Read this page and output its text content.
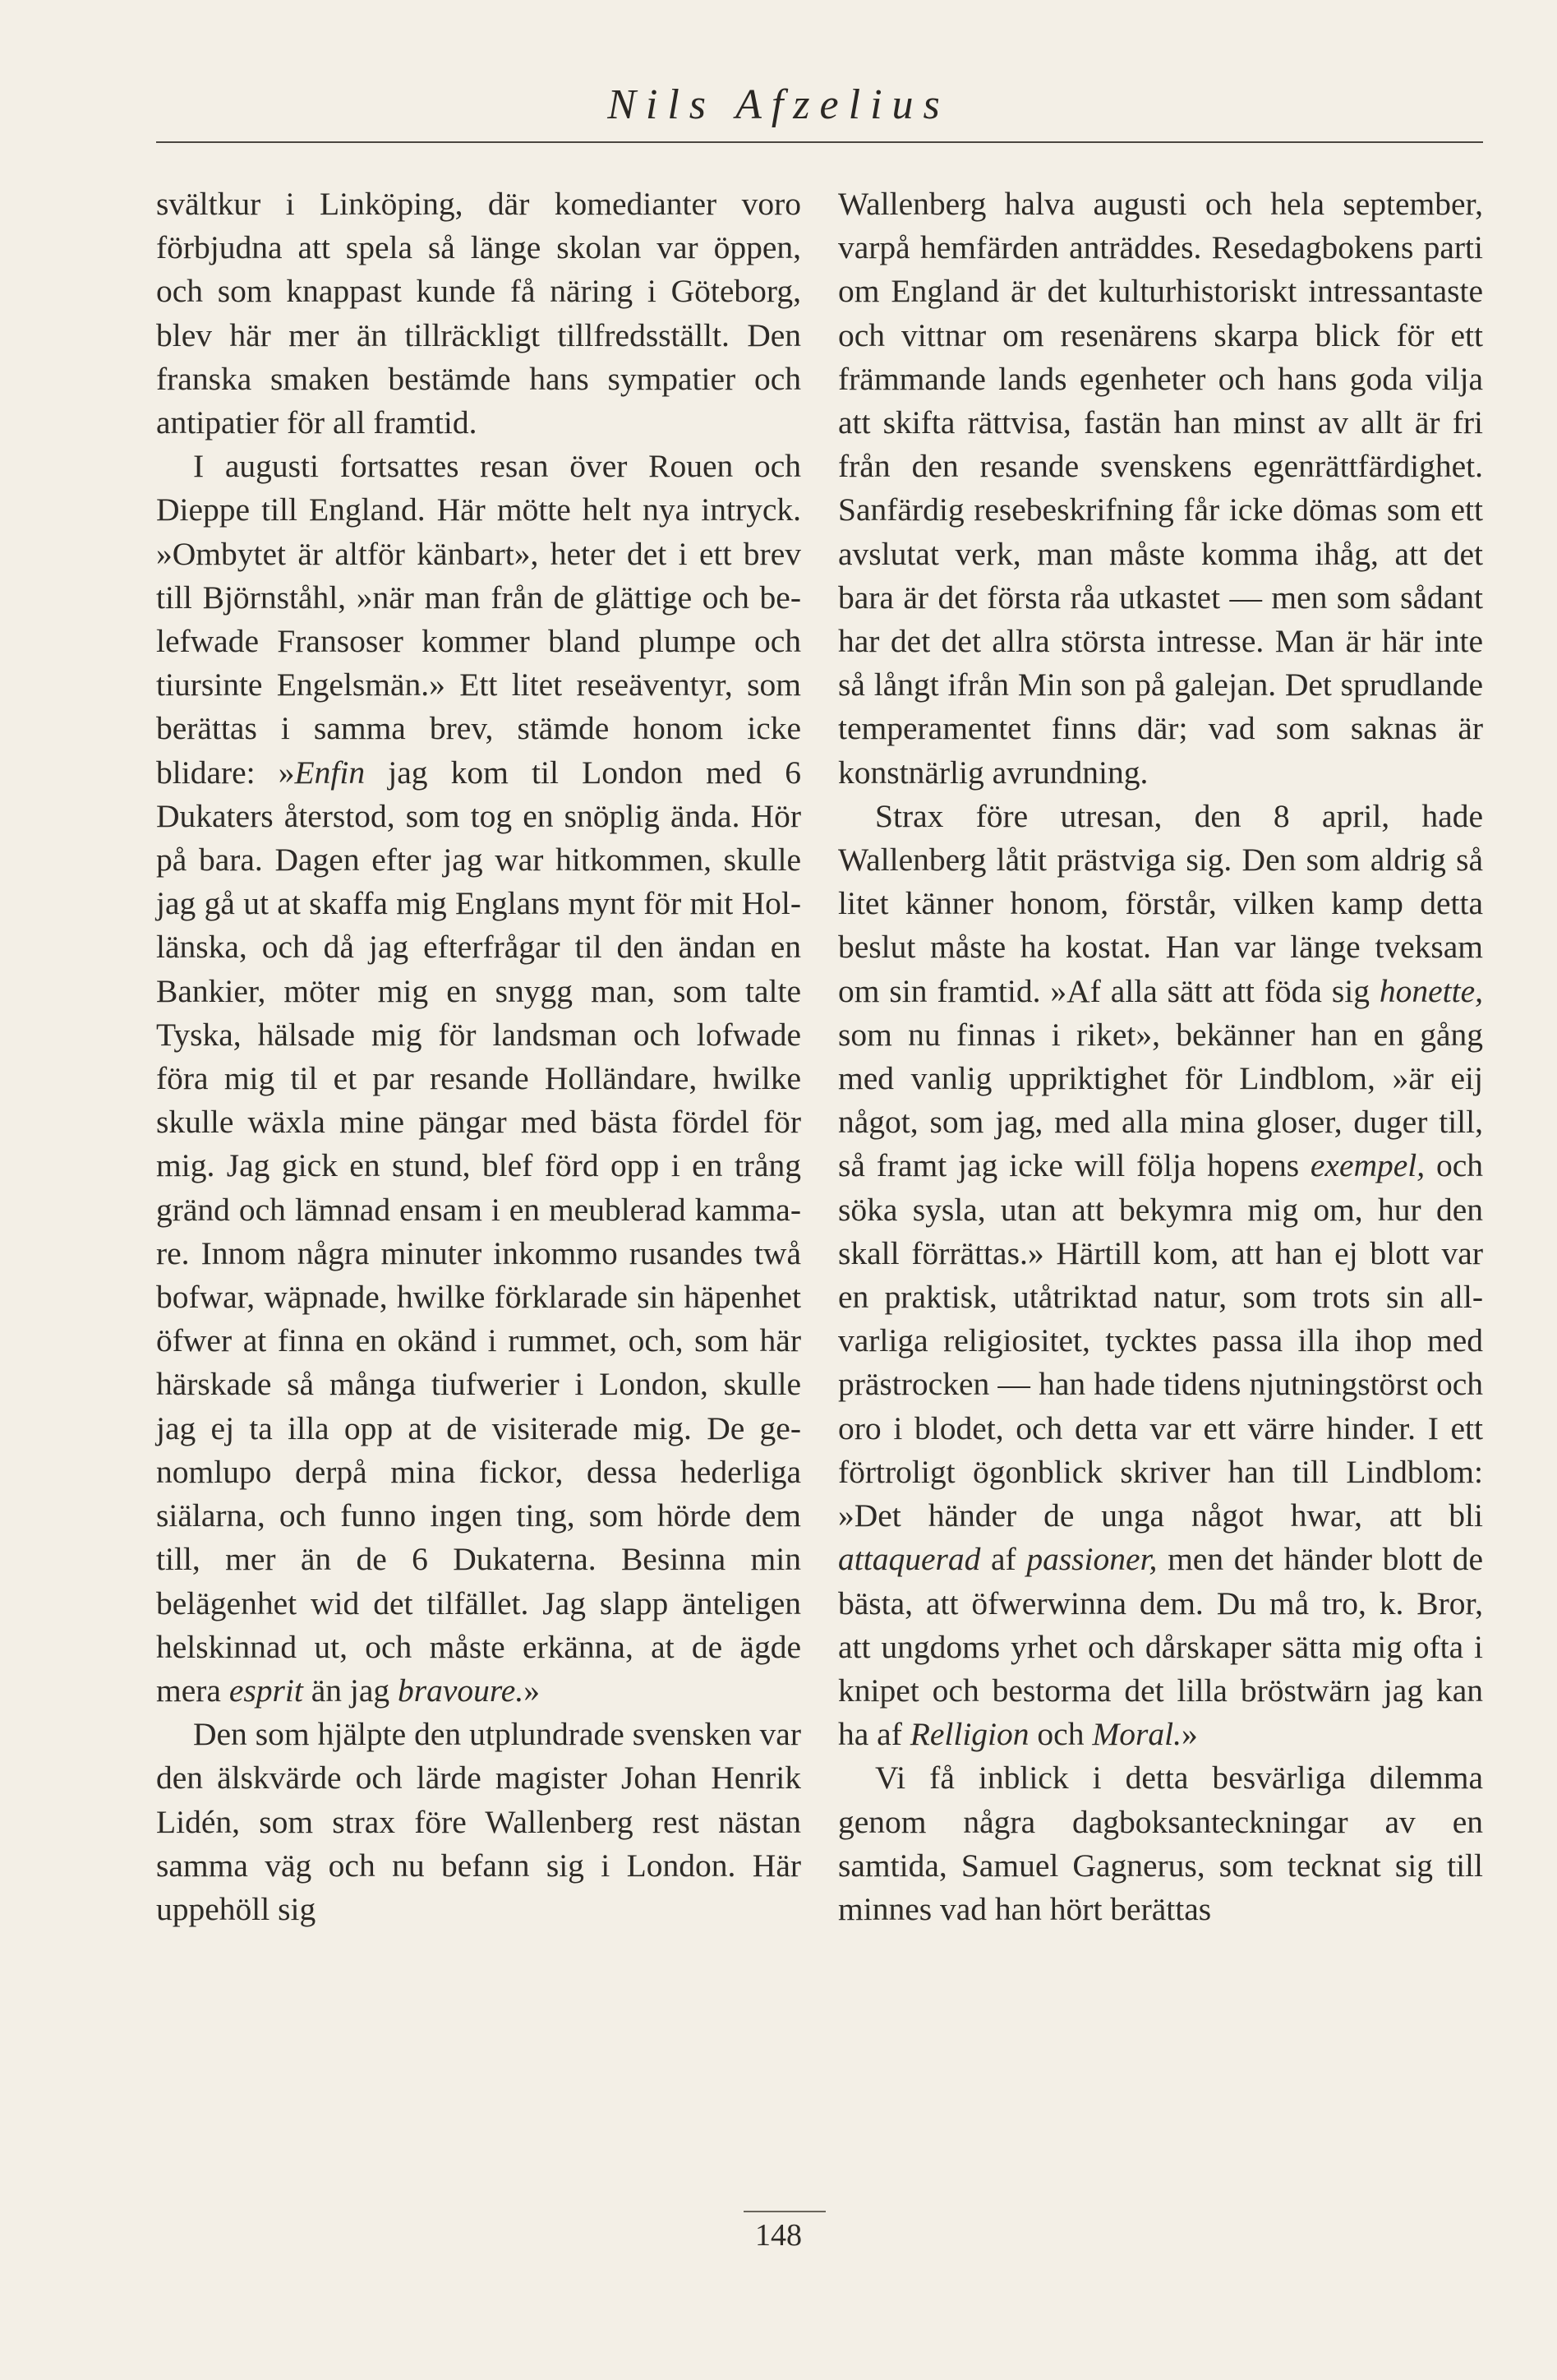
Nils Afzelius

svältkur i Linköping, där komedianter voro förbjudna att spela så länge skolan var öppen, och som knappast kunde få näring i Göteborg, blev här mer än tillräckligt tillfredsställt. Den franska smaken bestämde hans sympatier och antipatier för all framtid.

I augusti fortsattes resan över Rouen och Dieppe till England. Här mötte helt nya intryck. »Ombytet är altför känbart», heter det i ett brev till Björnståhl, »när man från de glättige och belefwade Fransoser kommer bland plumpe och tiursinte Engelsmän.» Ett litet reseäventyr, som berättas i samma brev, stämde honom icke blidare: »Enfin jag kom til London med 6 Dukaters återstod, som tog en snöplig ända. Hör på bara. Dagen efter jag war hitkommen, skulle jag gå ut at skaffa mig Englans mynt för mit Hollänska, och då jag efterfrågar til den ändan en Bankier, möter mig en snygg man, som talte Tyska, hälsade mig för landsman och lofwade föra mig til et par resande Holländare, hwilke skulle wäxla mine pängar med bästa fördel för mig. Jag gick en stund, blef förd opp i en trång gränd och lämnad ensam i en meublerad kammare. Innom några minuter inkommo rusandes twå bofwar, wäpnade, hwilke förklarade sin häpenhet öfwer at finna en okänd i rummet, och, som här härskade så många tiufwerier i London, skulle jag ej ta illa opp at de visiterade mig. De genomlupo derpå mina fickor, dessa hederliga siälarna, och funno ingen ting, som hörde dem till, mer än de 6 Dukaterna. Besinna min belägenhet wid det tilfället. Jag slapp änteligen helskinnad ut, och måste erkänna, at de ägde mera esprit än jag bravoure.»

Den som hjälpte den utplundrade svensken var den älskvärde och lärde magister Johan Henrik Lidén, som strax före Wallenberg rest nästan samma väg och nu befann sig i London. Här uppehöll sig

Wallenberg halva augusti och hela september, varpå hemfärden anträddes. Resedagbokens parti om England är det kulturhistoriskt intressantaste och vittnar om resenärens skarpa blick för ett främmande lands egenheter och hans goda vilja att skifta rättvisa, fastän han minst av allt är fri från den resande svenskens egenrättfärdighet. Sanfärdig resebeskrifning får icke dömas som ett avslutat verk, man måste komma ihåg, att det bara är det första råa utkastet — men som sådant har det det allra största intresse. Man är här inte så långt ifrån Min son på galejan. Det sprudlande temperamentet finns där; vad som saknas är konstnärlig avrundning.

Strax före utresan, den 8 april, hade Wallenberg låtit prästviga sig. Den som aldrig så litet känner honom, förstår, vilken kamp detta beslut måste ha kostat. Han var länge tveksam om sin framtid. »Af alla sätt att föda sig honette, som nu finnas i riket», bekänner han en gång med vanlig uppriktighet för Lindblom, »är eij något, som jag, med alla mina gloser, duger till, så framt jag icke will följa hopens exempel, och söka sysla, utan att bekymra mig om, hur den skall förrättas.» Härtill kom, att han ej blott var en praktisk, utåtriktad natur, som trots sin allvarliga religiositet, tycktes passa illa ihop med prästrocken — han hade tidens njutningstörst och oro i blodet, och detta var ett värre hinder. I ett förtroligt ögonblick skriver han till Lindblom: »Det händer de unga något hwar, att bli attaquerad af passioner, men det händer blott de bästa, att öfwerwinna dem. Du må tro, k. Bror, att ungdoms yrhet och dårskaper sätta mig ofta i knipet och bestorma det lilla bröstwärn jag kan ha af Relligion och Moral.»

Vi få inblick i detta besvärliga dilemma genom några dagboksanteckningar av en samtida, Samuel Gagnerus, som tecknat sig till minnes vad han hört berättas

148
